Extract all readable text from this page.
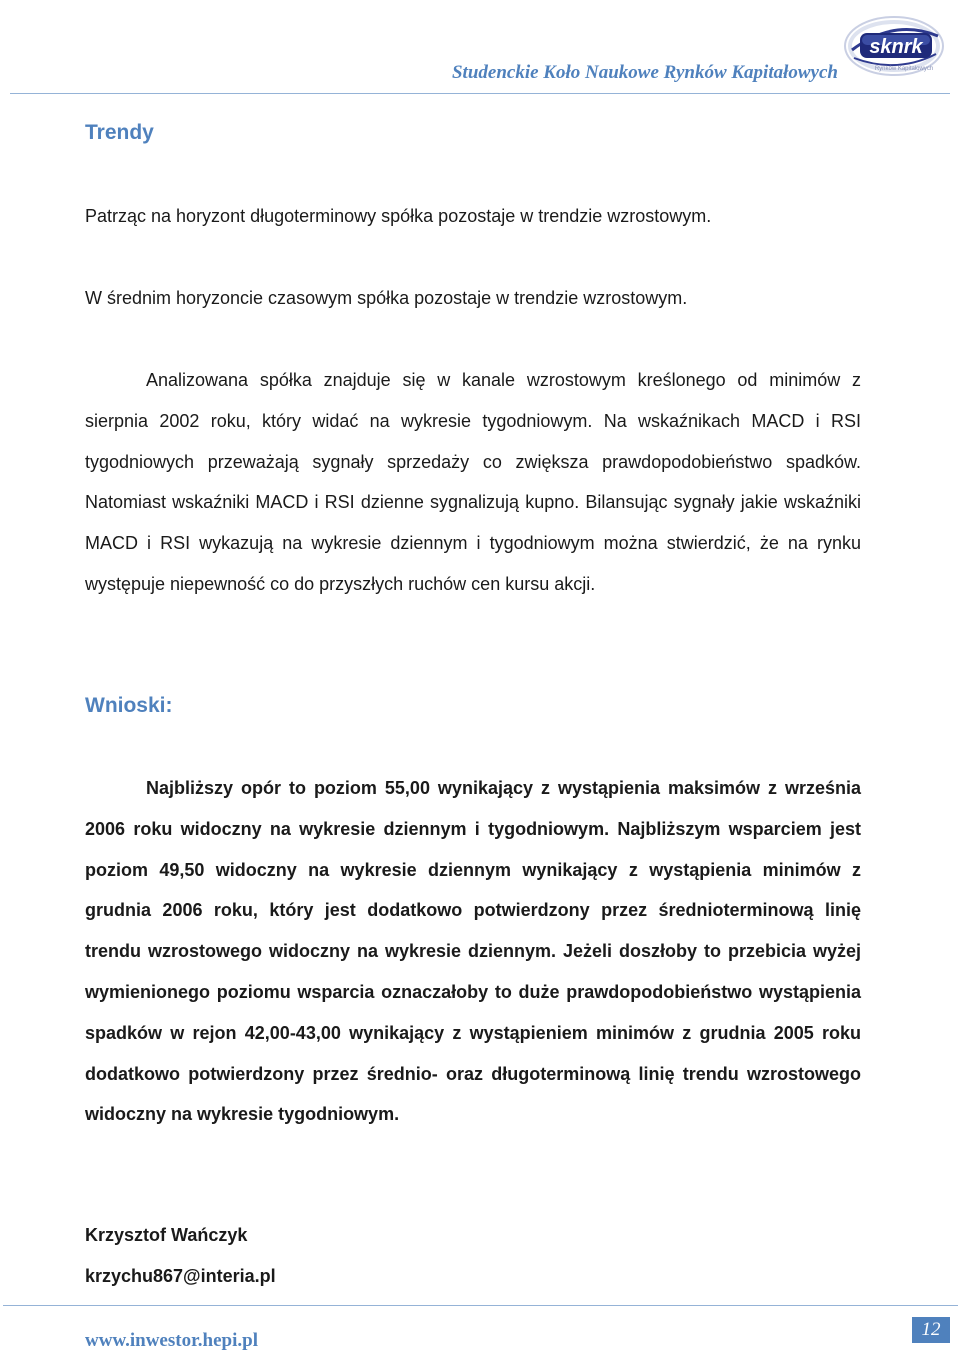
Studenckie Koło Naukowe Rynków Kapitałowych
sknrk
Rynków Kapitałowych
Trendy

Patrząc na horyzont długoterminowy spółka pozostaje w trendzie wzrostowym.

W średnim horyzoncie czasowym spółka pozostaje w trendzie wzrostowym.

Analizowana spółka znajduje się w kanale wzrostowym kreślonego od minimów z sierpnia 2002 roku, który widać na wykresie tygodniowym. Na wskaźnikach MACD i RSI tygodniowych przeważają sygnały sprzedaży co zwiększa prawdopodobieństwo spadków. Natomiast wskaźniki MACD i RSI dzienne sygnalizują kupno. Bilansując sygnały jakie wskaźniki MACD i RSI wykazują na wykresie dziennym i tygodniowym można stwierdzić, że na rynku występuje niepewność co do przyszłych ruchów cen kursu akcji.

Wnioski:

Najbliższy opór to poziom 55,00 wynikający z wystąpienia maksimów z września 2006 roku widoczny na wykresie dziennym i tygodniowym. Najbliższym wsparciem jest poziom 49,50 widoczny na wykresie dziennym wynikający z wystąpienia minimów z grudnia 2006 roku, który jest dodatkowo potwierdzony przez średnioterminową linię trendu wzrostowego widoczny na wykresie dziennym. Jeżeli doszłoby to przebicia wyżej wymienionego poziomu wsparcia oznaczałoby to duże prawdopodobieństwo wystąpienia spadków w rejon 42,00-43,00 wynikający z wystąpieniem minimów z grudnia 2005 roku dodatkowo potwierdzony przez średnio- oraz długoterminową linię trendu wzrostowego widoczny na wykresie tygodniowym.

Krzysztof Wańczyk

krzychu867@interia.pl

www.inwestor.hepi.pl
12
